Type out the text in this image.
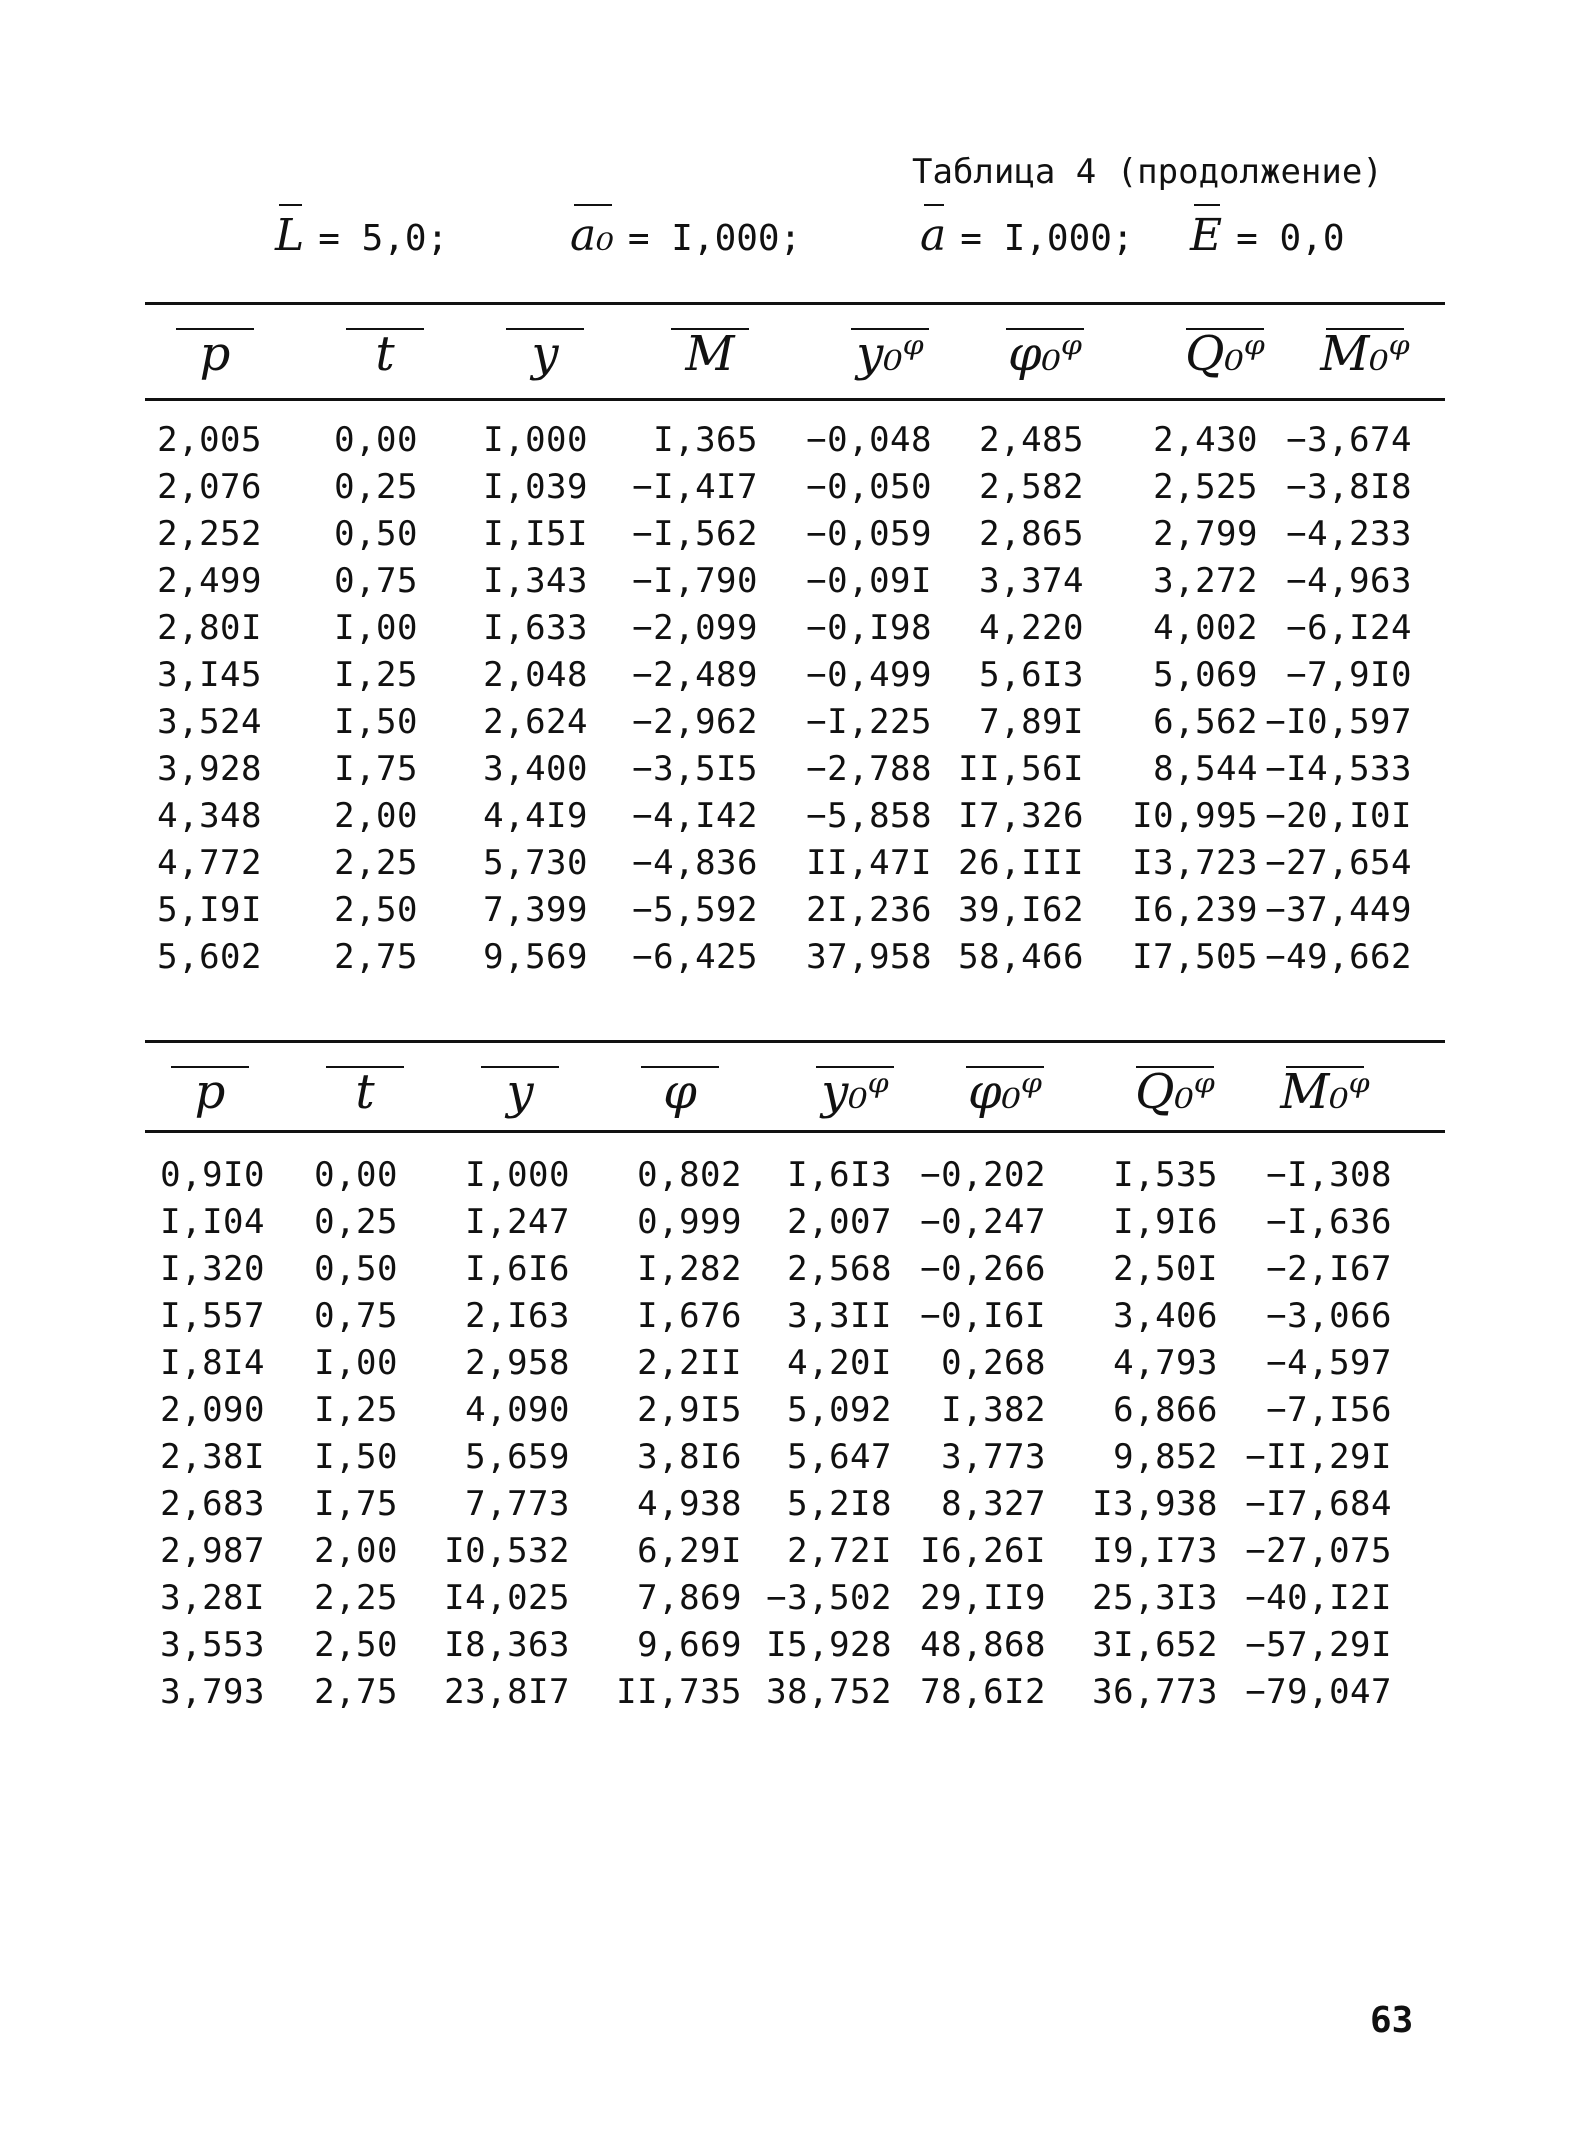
Таблица 4 (продолжение)
L = 5,0;	a₀ = I,000;	a = I,000; E = 0,0
p	t	y	M	y₀ᵠ φ₀ᵠ Q₀ᵠ M₀ᵠ
2,005 0,00 I,000 I,365 −0,048 2,485 2,430 −3,674
2,076 0,25 I,039 −I,4I7 −0,050 2,582 2,525 −3,8I8
2,252 0,50 I,I5I −I,562 −0,059 2,865 2,799 −4,233
2,499 0,75 I,343 −I,790 −0,09I 3,374 3,272 −4,963
2,80I I,00 I,633 −2,099 −0,I98 4,220 4,002 −6,I24
3,I45 I,25 2,048 −2,489 −0,499 5,6I3 5,069 −7,9I0
3,524 I,50 2,624 −2,962 −I,225 7,89I 6,562 −I0,597
3,928 I,75 3,400 −3,5I5 −2,788 II,56I 8,544 −I4,533
4,348 2,00 4,4I9 −4,I42 −5,858 I7,326 I0,995 −20,I0I
4,772 2,25 5,730 −4,836 II,47I 26,III I3,723 −27,654
5,I9I 2,50 7,399 −5,592 2I,236 39,I62 I6,239 −37,449
5,602 2,75 9,569 −6,425 37,958 58,466 I7,505 −49,662
p	t	y	φ	y₀ᵠ φ₀ᵠ Q₀ᵠ M₀ᵠ
0,9I0 0,00 I,000 0,802 I,6I3 −0,202 I,535 −I,308
I,I04 0,25 I,247 0,999 2,007 −0,247 I,9I6 −I,636
I,320 0,50 I,6I6 I,282 2,568 −0,266 2,50I −2,I67
I,557 0,75 2,I63 I,676 3,3II −0,I6I 3,406 −3,066
I,8I4 I,00 2,958 2,2II 4,20I 0,268 4,793 −4,597
2,090 I,25 4,090 2,9I5 5,092 I,382 6,866 −7,I56
2,38I I,50 5,659 3,8I6 5,647 3,773 9,852 −II,29I
2,683 I,75 7,773 4,938 5,2I8 8,327 I3,938 −I7,684
2,987 2,00 I0,532 6,29I 2,72I I6,26I I9,I73 −27,075
3,28I 2,25 I4,025 7,869 −3,502 29,II9 25,3I3 −40,I2I
3,553 2,50 I8,363 9,669 I5,928 48,868 3I,652 −57,29I
3,793 2,75 23,8I7 II,735 38,752 78,6I2 36,773 −79,047
63
